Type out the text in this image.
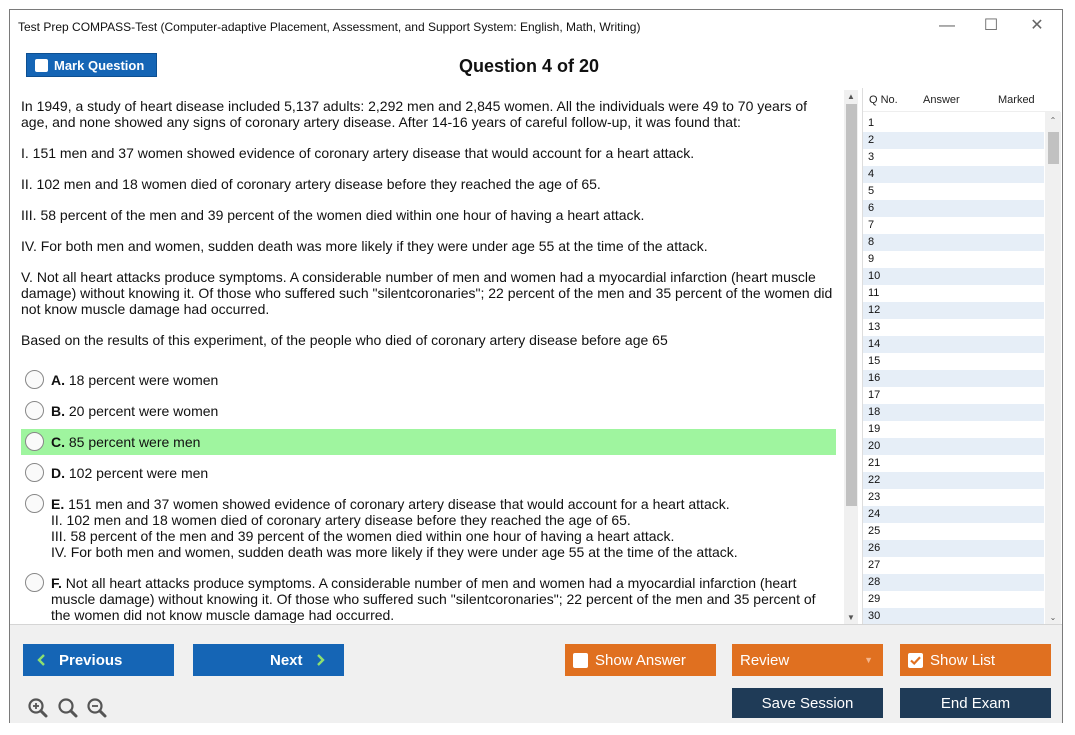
Test Prep COMPASS-Test (Computer-adaptive Placement, Assessment, and Support System: English, Math, Writing)	—	☐	✕
Mark Question	Question 4 of 20

In 1949, a study of heart disease included 5,137 adults: 2,292 men and 2,845 women. All the individuals were 49 to 70 years of age, and none showed any signs of coronary artery disease. After 14-16 years of careful follow-up, it was found that:

I. 151 men and 37 women showed evidence of coronary artery disease that would account for a heart attack.

II. 102 men and 18 women died of coronary artery disease before they reached the age of 65.

III. 58 percent of the men and 39 percent of the women died within one hour of having a heart attack.

IV. For both men and women, sudden death was more likely if they were under age 55 at the time of the attack.

V. Not all heart attacks produce symptoms. A considerable number of men and women had a myocardial infarction (heart muscle damage) without knowing it. Of those who suffered such "silentcoronaries"; 22 percent of the men and 35 percent of the women did not know muscle damage had occurred.

Based on the results of this experiment, of the people who died of coronary artery disease before age 65

A. 18 percent were women
B. 20 percent were women
C. 85 percent were men
D. 102 percent were men
E. 151 men and 37 women showed evidence of coronary artery disease that would account for a heart attack.
II. 102 men and 18 women died of coronary artery disease before they reached the age of 65.
III. 58 percent of the men and 39 percent of the women died within one hour of having a heart attack.
IV. For both men and women, sudden death was more likely if they were under age 55 at the time of the attack.
F. Not all heart attacks produce symptoms. A considerable number of men and women had a myocardial infarction (heart muscle damage) without knowing it. Of those who suffered such "silentcoronaries"; 22 percent of the men and 35 percent of the women did not know muscle damage had occurred.
▲
▼
Q No. Answer	Marked
1
2
3
4
5
6
7
8
9
10
11
12
13
14
15
16
17
18
19
20
21
22
23
24
25
26
27
28
29
30
⌃
⌄
Previous	Next	Show Answer	Review	▼	Show List
Save Session	End Exam
